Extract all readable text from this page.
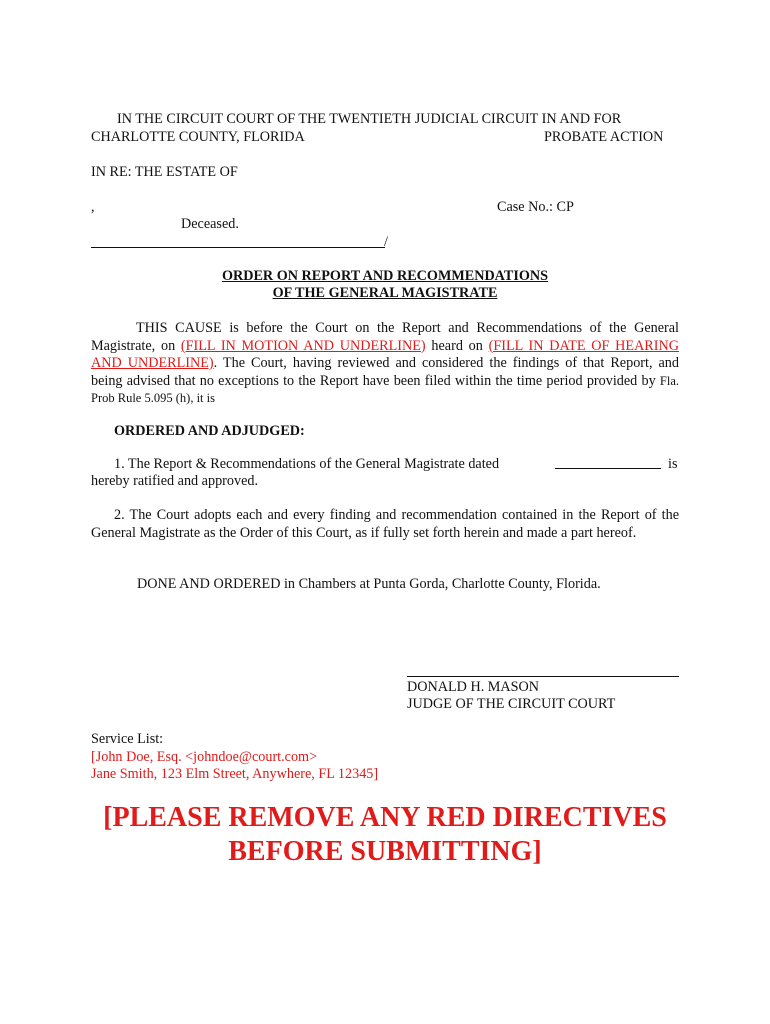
IN THE CIRCUIT COURT OF THE TWENTIETH JUDICIAL CIRCUIT IN AND FOR
CHARLOTTE COUNTY, FLORIDA	PROBATE ACTION
IN RE: THE ESTATE OF
,	Case No.: CP
Deceased.
/
ORDER ON REPORT AND RECOMMENDATIONS
OF THE GENERAL MAGISTRATE
THIS CAUSE is before the Court on the Report and Recommendations of the General Magistrate, on (FILL IN MOTION AND UNDERLINE) heard on (FILL IN DATE OF HEARING AND UNDERLINE). The Court, having reviewed and considered the findings of that Report, and being advised that no exceptions to the Report have been filed within the time period provided by Fla. Prob Rule 5.095 (h), it is
ORDERED AND ADJUDGED:
1. The Report & Recommendations of the General Magistrate dated	is
hereby ratified and approved.
2. The Court adopts each and every finding and recommendation contained in the Report of the General Magistrate as the Order of this Court, as if fully set forth herein and made a part hereof.
DONE AND ORDERED in Chambers at Punta Gorda, Charlotte County, Florida.
DONALD H. MASON
JUDGE OF THE CIRCUIT COURT
Service List:
[John Doe, Esq. <johndoe@court.com>
Jane Smith, 123 Elm Street, Anywhere, FL 12345]
[PLEASE REMOVE ANY RED DIRECTIVES
BEFORE SUBMITTING]
